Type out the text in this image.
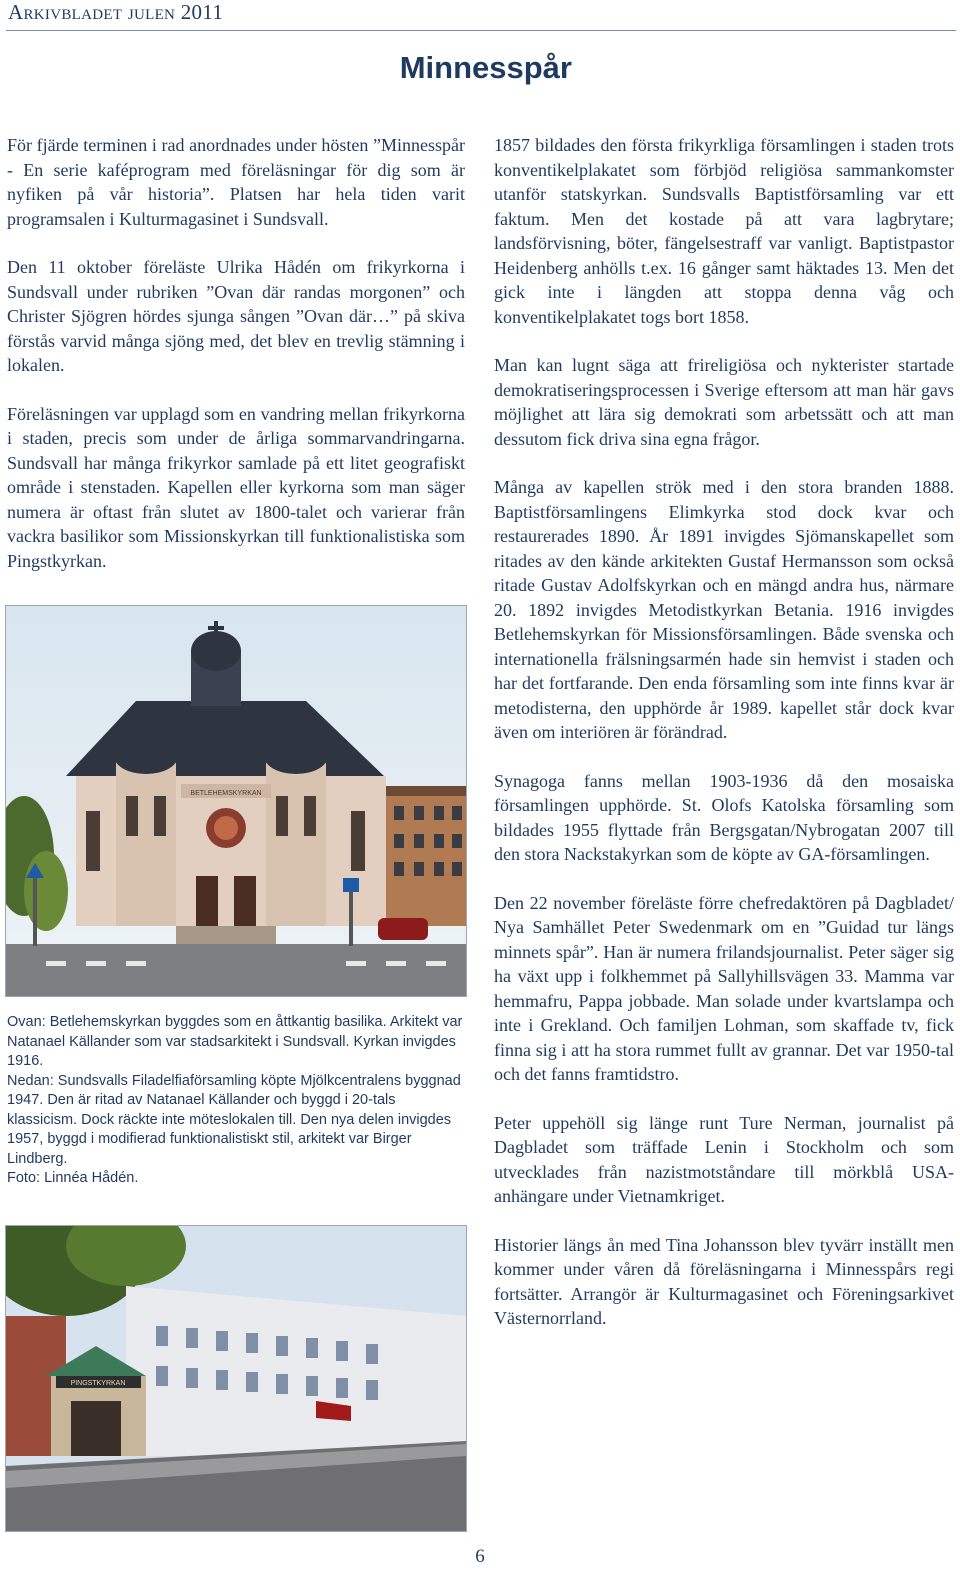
Arkivbladet julen 2011
Minnesspår

För fjärde terminen i rad anordnades under hösten ”Minnesspår - En serie kaféprogram med föreläsningar för dig som är nyfiken på vår historia”. Platsen har hela tiden varit programsalen i Kulturmagasinet i Sundsvall.

Den 11 oktober föreläste Ulrika Hådén om frikyrkorna i Sundsvall under rubriken ”Ovan där randas morgonen” och Christer Sjögren hördes sjunga sången ”Ovan där…” på skiva förstås varvid många sjöng med, det blev en trevlig stämning i lokalen.

Föreläsningen var upplagd som en vandring mellan frikyrkorna i staden, precis som under de årliga sommarvandringarna. Sundsvall har många frikyrkor samlade på ett litet geografiskt område i stenstaden. Kapellen eller kyrkorna som man säger numera är oftast från slutet av 1800-talet och varierar från vackra basilikor som Missionskyrkan till funktionalistiska som Pingstkyrkan.

BETLEHEMSKYRKAN
Ovan: Betlehemskyrkan byggdes som en åttkantig basilika. Arkitekt var Natanael Källander som var stadsarkitekt i Sundsvall. Kyrkan invigdes 1916.
Nedan: Sundsvalls Filadelfiaförsamling köpte Mjölkcentralens byggnad 1947. Den är ritad av Natanael Källander och byggd i 20-tals klassicism. Dock räckte inte möteslokalen till. Den nya delen invigdes 1957, byggd i modifierad funktionalistiskt stil, arkitekt var Birger Lindberg.
Foto: Linnéa Hådén.
PINGSTKYRKAN

1857 bildades den första frikyrkliga församlingen i staden trots konventikelplakatet som förbjöd religiösa sammankomster utanför statskyrkan. Sundsvalls Baptistförsamling var ett faktum. Men det kostade på att vara lagbrytare; landsförvisning, böter, fängelsestraff var vanligt. Baptistpastor Heidenberg anhölls t.ex. 16 gånger samt häktades 13. Men det gick inte i längden att stoppa denna våg och konventikelplakatet togs bort 1858.

Man kan lugnt säga att frireligiösa och nykterister startade demokratiseringsprocessen i Sverige eftersom att man här gavs möjlighet att lära sig demokrati som arbetssätt och att man dessutom fick driva sina egna frågor.

Många av kapellen strök med i den stora branden 1888. Baptistförsamlingens Elimkyrka stod dock kvar och restaurerades 1890. År 1891 invigdes Sjömanskapellet som ritades av den kände arkitekten Gustaf Hermansson som också ritade Gustav Adolfskyrkan och en mängd andra hus, närmare 20. 1892 invigdes Metodistkyrkan Betania. 1916 invigdes Betlehemskyrkan för Missionsförsamlingen. Både svenska och internationella frälsningsarmén hade sin hemvist i staden och har det fortfarande. Den enda församling som inte finns kvar är metodisterna, den upphörde år 1989. kapellet står dock kvar även om interiören är förändrad.

Synagoga fanns mellan 1903-1936 då den mosaiska församlingen upphörde. St. Olofs Katolska församling som bildades 1955 flyttade från Bergsgatan/Nybrogatan 2007 till den stora Nackstakyrkan som de köpte av GA-församlingen.

Den 22 november föreläste förre chefredaktören på Dagbladet/ Nya Samhället Peter Swedenmark om en ”Guidad tur längs minnets spår”. Han är numera frilandsjournalist. Peter säger sig ha växt upp i folkhemmet på Sallyhillsvägen 33. Mamma var hemmafru, Pappa jobbade. Man solade under kvartslampa och inte i Grekland. Och familjen Lohman, som skaffade tv, fick finna sig i att ha stora rummet fullt av grannar. Det var 1950-tal och det fanns framtidstro.

Peter uppehöll sig länge runt Ture Nerman, journalist på Dagbladet som träffade Lenin i Stockholm och som utvecklades från nazistmotståndare till mörkblå USA-anhängare under Vietnamkriget.

Historier längs ån med Tina Johansson blev tyvärr inställt men kommer under våren då föreläsningarna i Minnesspårs regi fortsätter. Arrangör är Kulturmagasinet och Föreningsarkivet Västernorrland.

6
